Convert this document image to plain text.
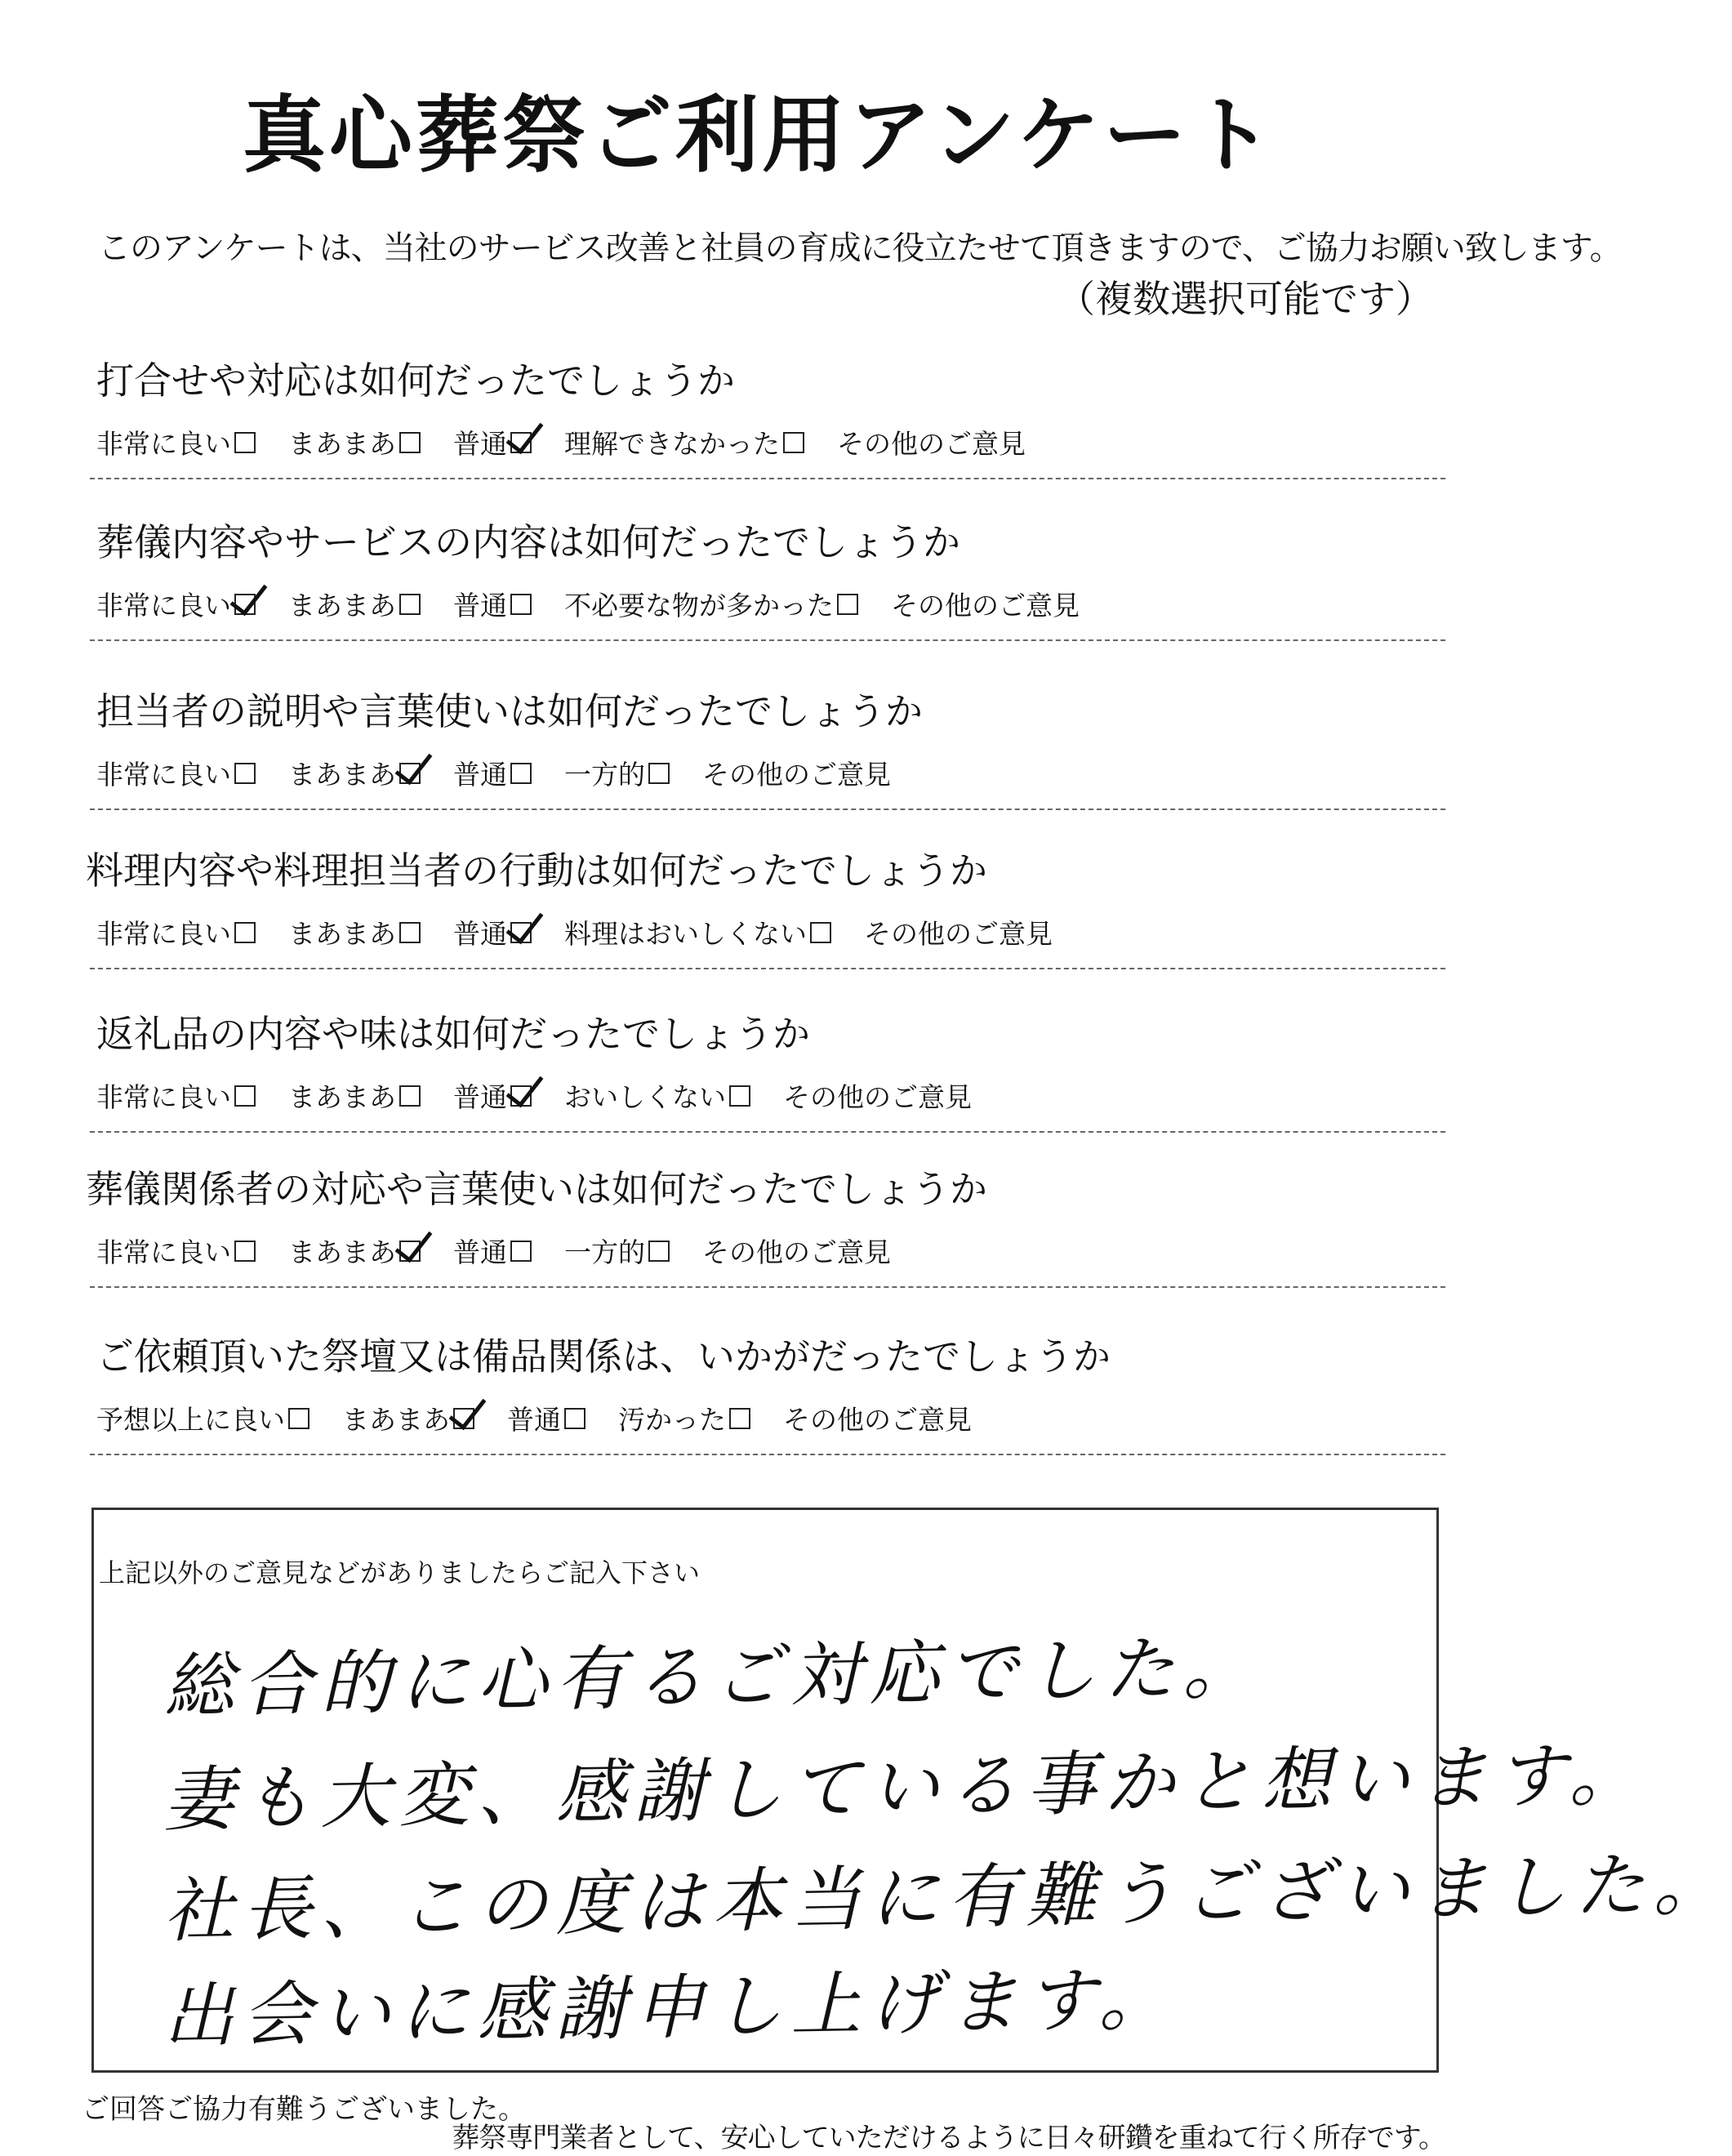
真心葬祭ご利用アンケート
このアンケートは、当社のサービス改善と社員の育成に役立たせて頂きますので、ご協力お願い致します。
（複数選択可能です）
打合せや対応は如何だったでしょうか
非常に良い まあまあ 普通 理解できなかった その他のご意見
葬儀内容やサービスの内容は如何だったでしょうか
非常に良い まあまあ 普通 不必要な物が多かった その他のご意見
担当者の説明や言葉使いは如何だったでしょうか
非常に良い まあまあ 普通 一方的 その他のご意見
料理内容や料理担当者の行動は如何だったでしょうか
非常に良い まあまあ 普通 料理はおいしくない その他のご意見
返礼品の内容や味は如何だったでしょうか
非常に良い まあまあ 普通 おいしくない その他のご意見
葬儀関係者の対応や言葉使いは如何だったでしょうか
非常に良い まあまあ 普通 一方的 その他のご意見
ご依頼頂いた祭壇又は備品関係は、いかがだったでしょうか
予想以上に良い まあまあ 普通 汚かった その他のご意見
上記以外のご意見などがありましたらご記入下さい
総合的に心有るご対応でした。
妻も大変、感謝している事かと想います。
社長、この度は本当に有難うございました。
出会いに感謝申し上げます。
ご回答ご協力有難うございました。
葬祭専門業者として、安心していただけるように日々研鑽を重ねて行く所存です。
